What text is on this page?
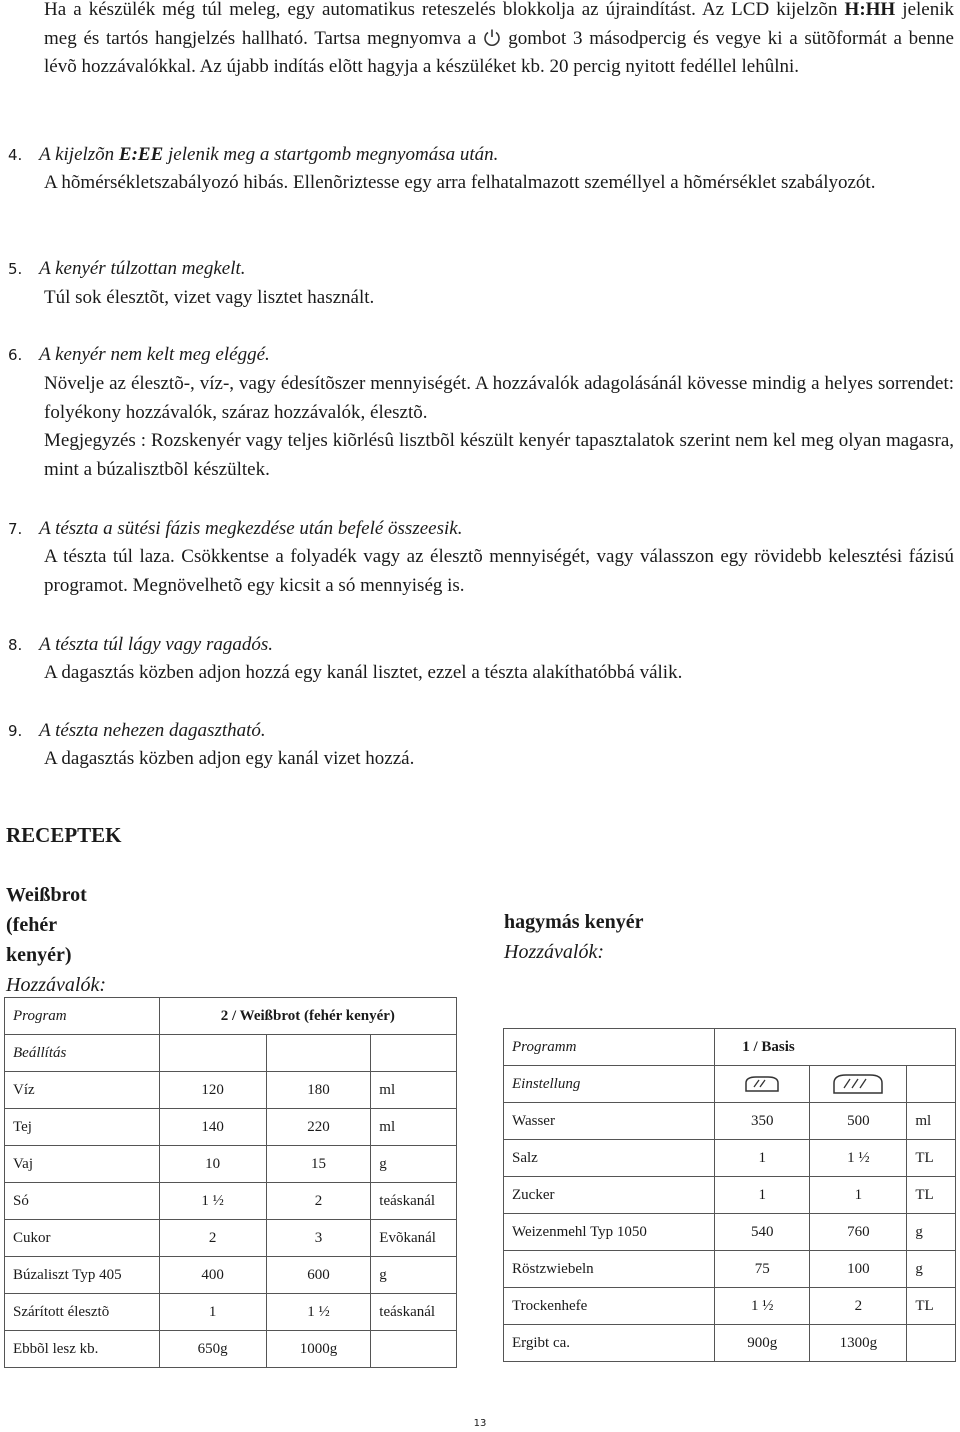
Ha a készülék még túl meleg, egy automatikus reteszelés blokkolja az újraindítást. Az LCD kijelzõn H:HH jelenik meg és tartós hangjelzés hallható. Tartsa megnyomva a gombot 3 másodpercig és vegye ki a sütõformát a benne lévõ hozzávalókkal. Az újabb indítás elõtt hagyja a készüléket kb. 20 percig nyitott fedéllel lehûlni.
4. A kijelzõn E:EE jelenik meg a startgomb megnyomása után.
A hõmérsékletszabályozó hibás. Ellenõriztesse egy arra felhatalmazott személlyel a hõmérséklet szabályozót.
5. A kenyér túlzottan megkelt.
Túl sok élesztõt, vizet vagy lisztet használt.
6. A kenyér nem kelt meg eléggé.
Növelje az élesztõ-, víz-, vagy édesítõszer mennyiségét. A hozzávalók adagolásánál kövesse mindig a helyes sorrendet: folyékony hozzávalók, száraz hozzávalók, élesztõ.
Megjegyzés : Rozskenyér vagy teljes kiõrlésû lisztbõl készült kenyér tapasztalatok szerint nem kel meg olyan magasra, mint a búzalisztbõl készültek.
7. A tészta a sütési fázis megkezdése után befelé összeesik.
A tészta túl laza. Csökkentse a folyadék vagy az élesztõ mennyiségét, vagy válasszon egy rövidebb kelesztési fázisú programot. Megnövelhetõ egy kicsit a só mennyiség is.
8. A tészta túl lágy vagy ragadós.
A dagasztás közben adjon hozzá egy kanál lisztet, ezzel a tészta alakíthatóbbá válik.
9. A tészta nehezen dagasztható.
A dagasztás közben adjon egy kanál vizet hozzá.
RECEPTEK
Weißbrot (fehér kenyér)
Hozzávalók:
hagymás kenyér
Hozzávalók:
Program	2 / Weißbrot (fehér kenyér)		
Beállítás			
Víz	120	180	ml
Tej	140	220	ml
Vaj	10	15	g
Só	1 ½	2	teáskanál
Cukor	2	3	Evõkanál
Búzaliszt Typ 405	400	600	g
Szárított élesztõ	1	1 ½	teáskanál
Ebbõl lesz kb.	650g	1000g	
Programm	1 / Basis		
Einstellung			
Wasser	350	500	ml
Salz	1	1 ½	TL
Zucker	1	1	TL
Weizenmehl Typ 1050	540	760	g
Röstzwiebeln	75	100	g
Trockenhefe	1 ½	2	TL
Ergibt ca.	900g	1300g	
13
